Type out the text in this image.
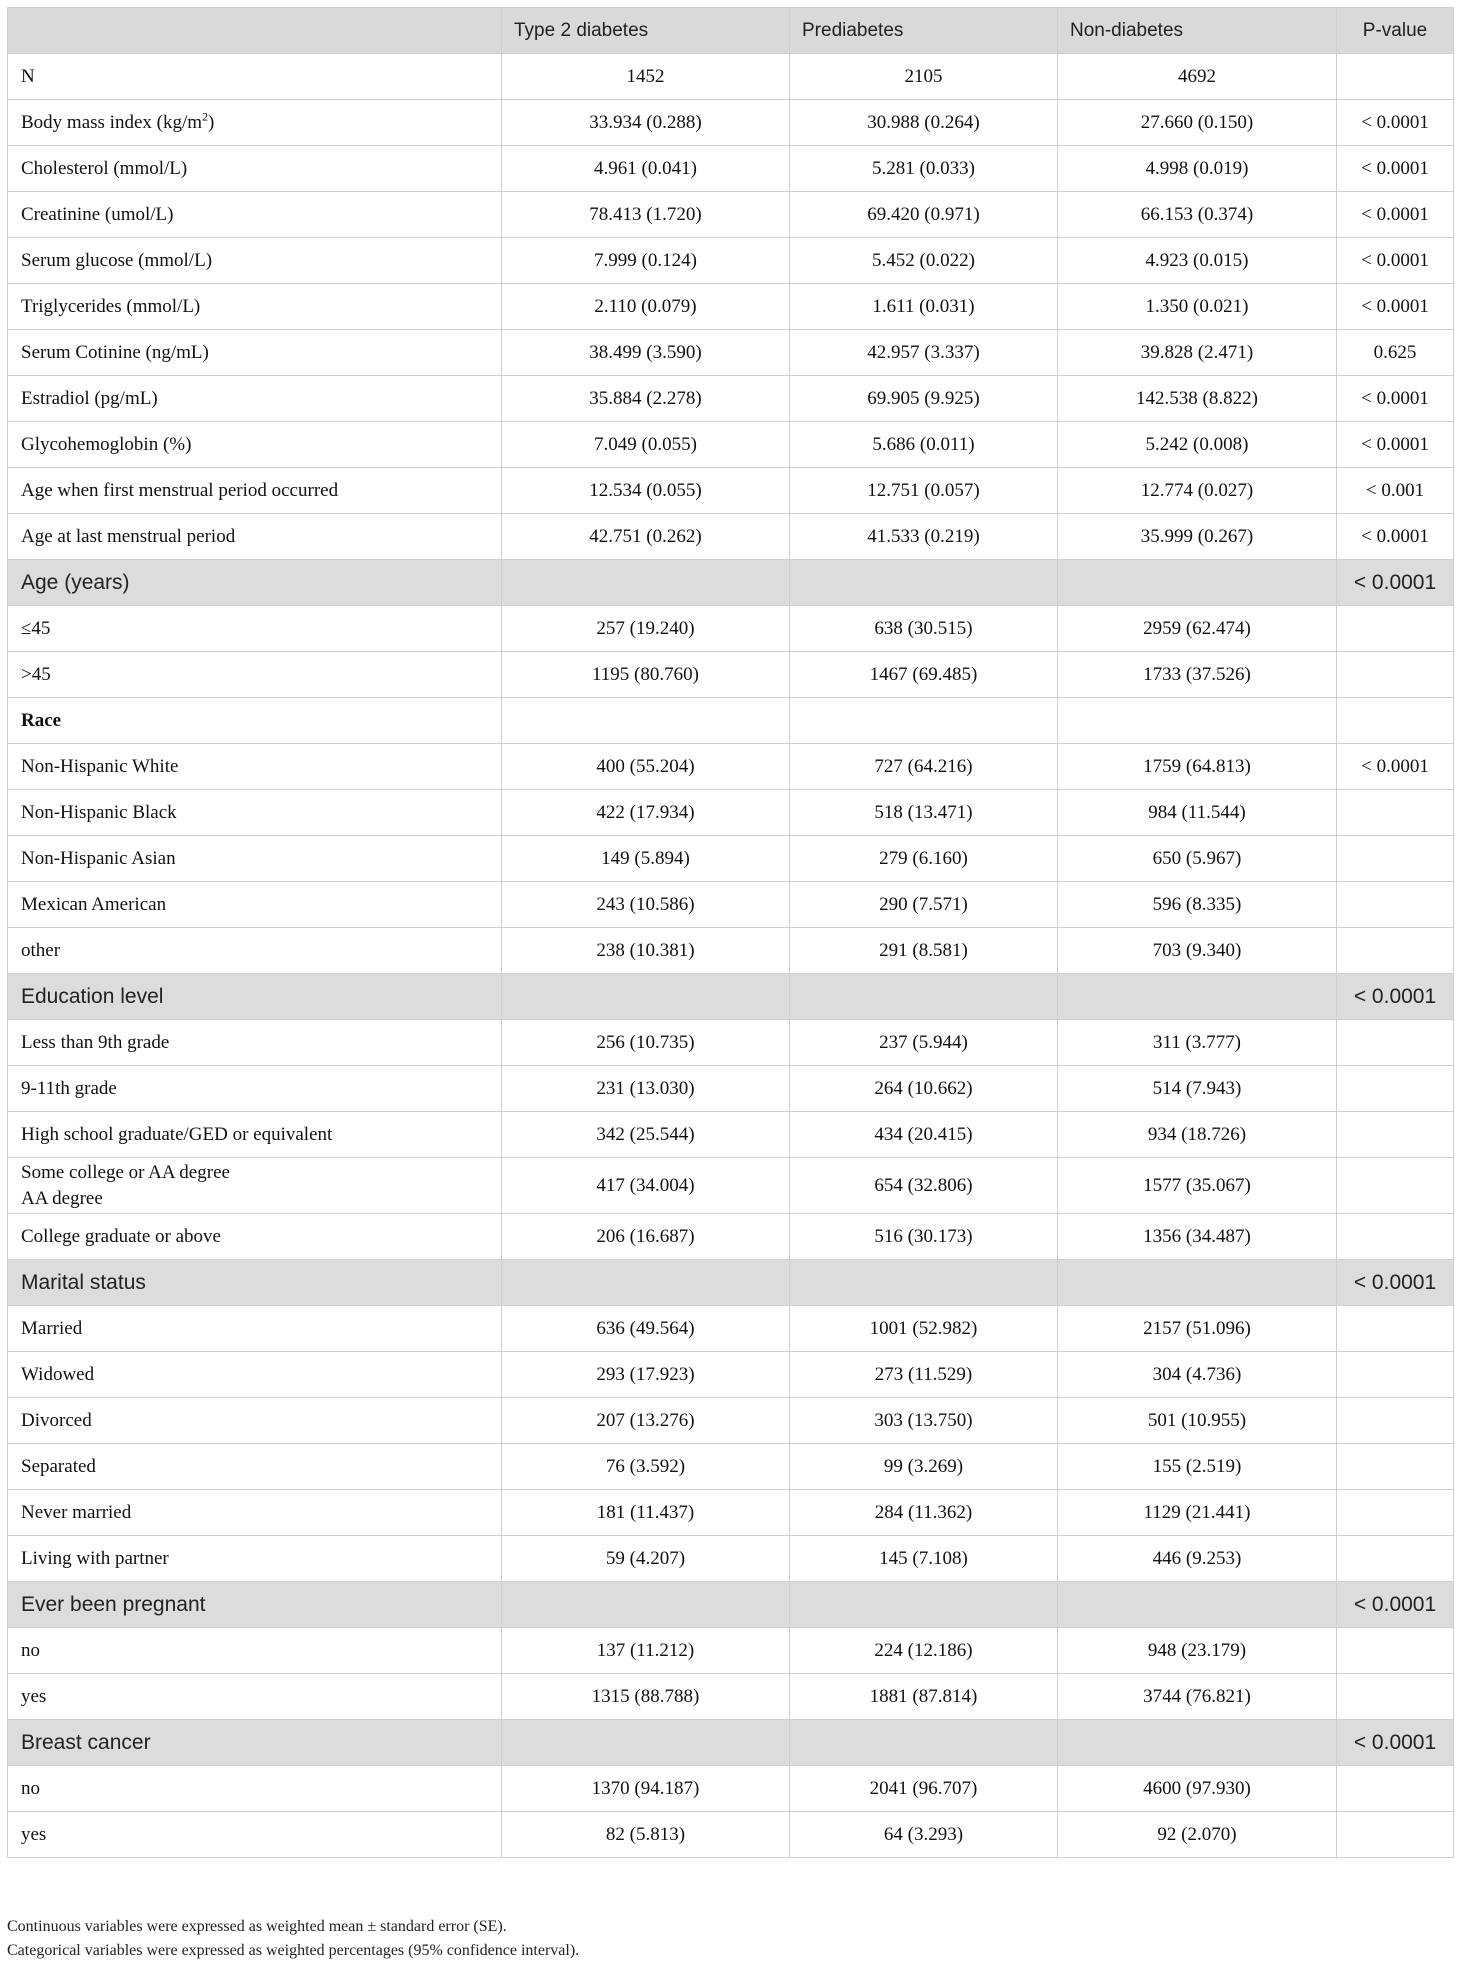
	Type 2 diabetes	Prediabetes	Non-diabetes	P-value
N	1452	2105	4692	
Body mass index $(kg/m^2)$	33.934 (0.288)	30.988 (0.264)	27.660 (0.150)	< 0.0001
Cholesterol (mmol/L)	4.961 (0.041)	5.281 (0.033)	4.998 (0.019)	< 0.0001
Creatinine (umol/L)	78.413 (1.720)	69.420 (0.971)	66.153 (0.374)	< 0.0001
Serum glucose (mmol/L)	7.999 (0.124)	5.452 (0.022)	4.923 (0.015)	< 0.0001
Triglycerides (mmol/L)	2.110 (0.079)	1.611 (0.031)	1.350 (0.021)	< 0.0001
Serum Cotinine (ng/mL)	38.499 (3.590)	42.957 (3.337)	39.828 (2.471)	0.625
Estradiol (pg/mL)	35.884 (2.278)	69.905 (9.925)	142.538 (8.822)	< 0.0001
Glycohemoglobin (%)	7.049 (0.055)	5.686 (0.011)	5.242 (0.008)	< 0.0001
Age when first menstrual period occurred	12.534 (0.055)	12.751 (0.057)	12.774 (0.027)	< 0.001
Age at last menstrual period	42.751 (0.262)	41.533 (0.219)	35.999 (0.267)	< 0.0001
Age (years)				< 0.0001
≤45	257 (19.240)	638 (30.515)	2959 (62.474)	
>45	1195 (80.760)	1467 (69.485)	1733 (37.526)	
Race				
Non-Hispanic White	400 (55.204)	727 (64.216)	1759 (64.813)	< 0.0001
Non-Hispanic Black	422 (17.934)	518 (13.471)	984 (11.544)	
Non-Hispanic Asian	149 (5.894)	279 (6.160)	650 (5.967)	
Mexican American	243 (10.586)	290 (7.571)	596 (8.335)	
other	238 (10.381)	291 (8.581)	703 (9.340)	
Education level				< 0.0001
Less than 9th grade	256 (10.735)	237 (5.944)	311 (3.777)	
9-11th grade	231 (13.030)	264 (10.662)	514 (7.943)	
High school graduate/GED or equivalent	342 (25.544)	434 (20.415)	934 (18.726)	

Some college or AA degree
AA degree	417 (34.004)	654 (32.806)	1577 (35.067)	
College graduate or above	206 (16.687)	516 (30.173)	1356 (34.487)	
Marital status				< 0.0001
Married	636 (49.564)	1001 (52.982)	2157 (51.096)	
Widowed	293 (17.923)	273 (11.529)	304 (4.736)	
Divorced	207 (13.276)	303 (13.750)	501 (10.955)	
Separated	76 (3.592)	99 (3.269)	155 (2.519)	
Never married	181 (11.437)	284 (11.362)	1129 (21.441)	
Living with partner	59 (4.207)	145 (7.108)	446 (9.253)	
Ever been pregnant				< 0.0001
no	137 (11.212)	224 (12.186)	948 (23.179)	
yes	1315 (88.788)	1881 (87.814)	3744 (76.821)	
Breast cancer				< 0.0001
no	1370 (94.187)	2041 (96.707)	4600 (97.930)	
yes	82 (5.813)	64 (3.293)	92 (2.070)	
Continuous variables were expressed as weighted mean ± standard error (SE).
Categorical variables were expressed as weighted percentages (95% confidence interval).
